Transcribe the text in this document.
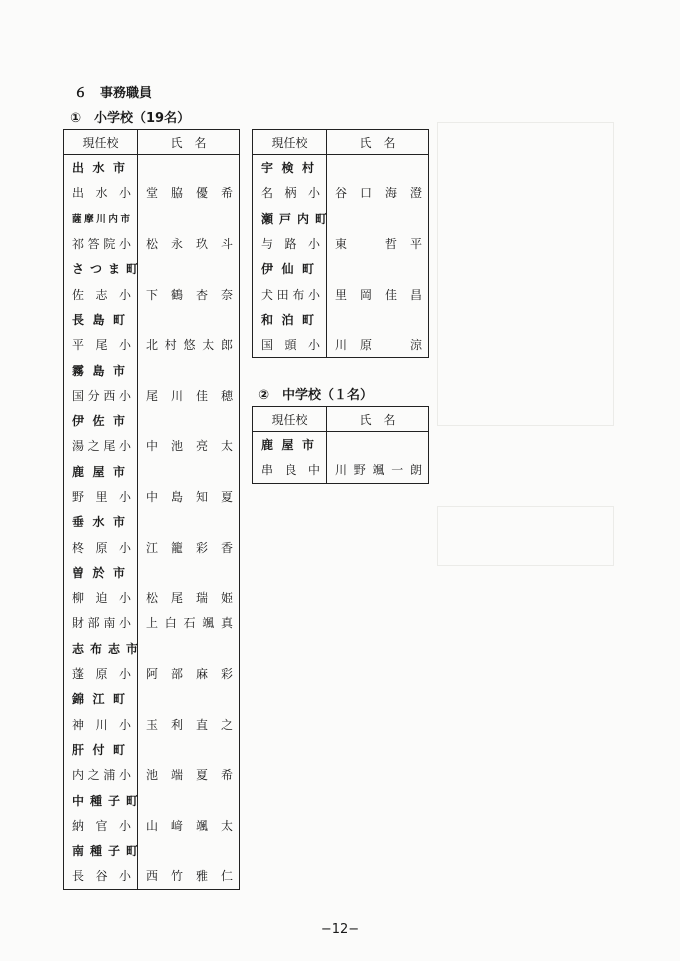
６　事務職員
①　小学校（19名）
②　中学校（１名）
現任校	氏　名
出水市	
出水小	堂脇優希
薩摩川内市	
祁答院小	松永玖斗
さつま町	
佐志小	下鶴杏奈
長島町	
平尾小	北村悠太郎
霧島市	
国分西小	尾川佳穂
伊佐市	
湯之尾小	中池亮太
鹿屋市	
野里小	中島知夏
垂水市	
柊原小	江籠彩香
曽於市	
柳迫小	松尾瑞姫
財部南小	上白石颯真
志布志市	
蓬原小	阿部麻彩
錦江町	
神川小	玉利直之
肝付町	
内之浦小	池端夏希
中種子町	
納官小	山﨑颯太
南種子町	
長谷小	西竹雅仁
現任校	氏　名
宇検村	
名柄小	谷口海澄
瀬戸内町	
与路小	東　哲平
伊仙町	
犬田布小	里岡佳昌
和泊町	
国頭小	川原　涼
現任校	氏　名
鹿屋市	
串良中	川野颯一朗
−12−
